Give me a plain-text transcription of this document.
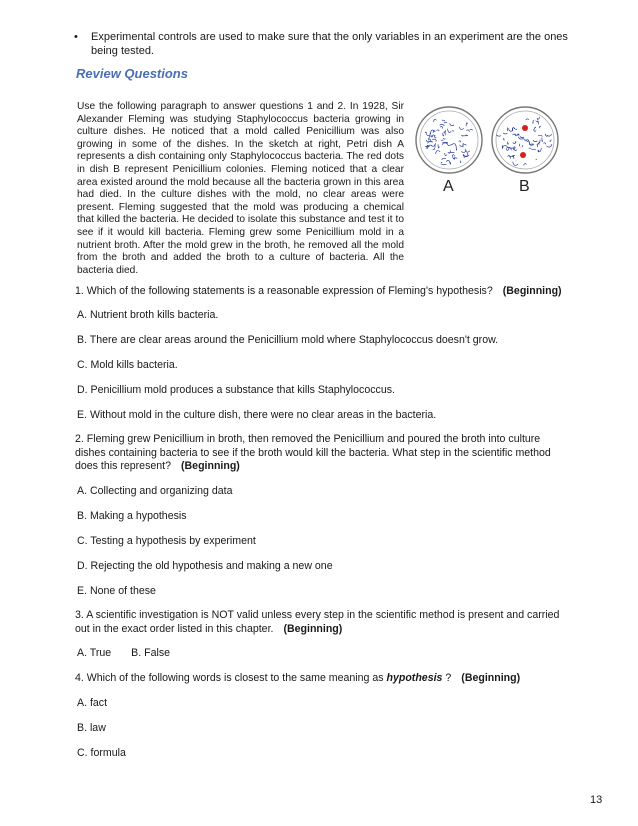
• Experimental controls are used to make sure that the only variables in an experiment are the ones being tested.
Review Questions
Use the following paragraph to answer questions 1 and 2. In 1928, Sir Alexander Fleming was studying Staphylococcus bacteria growing in culture dishes. He noticed that a mold called Penicillium was also growing in some of the dishes. In the sketch at right, Petri dish A represents a dish containing only Staphylococcus bacteria. The red dots in dish B represent Penicillium colonies. Fleming noticed that a clear area existed around the mold because all the bacteria grown in this area had died. In the culture dishes with the mold, no clear areas were present. Fleming suggested that the mold was producing a chemical that killed the bacteria. He decided to isolate this substance and test it to see if it would kill bacteria. Fleming grew some Penicillium mold in a nutrient broth. After the mold grew in the broth, he removed all the mold from the broth and added the broth to a culture of bacteria. All the bacteria died.
A	B
1. Which of the following statements is a reasonable expression of Fleming's hypothesis? (Beginning)
A. Nutrient broth kills bacteria.
B. There are clear areas around the Penicillium mold where Staphylococcus doesn't grow.
C. Mold kills bacteria.
D. Penicillium mold produces a substance that kills Staphylococcus.
E. Without mold in the culture dish, there were no clear areas in the bacteria.
2. Fleming grew Penicillium in broth, then removed the Penicillium and poured the broth into culture dishes containing bacteria to see if the broth would kill the bacteria. What step in the scientific method does this represent? (Beginning)
A. Collecting and organizing data
B. Making a hypothesis
C. Testing a hypothesis by experiment
D. Rejecting the old hypothesis and making a new one
E. None of these
3. A scientific investigation is NOT valid unless every step in the scientific method is present and carried out in the exact order listed in this chapter. (Beginning)
A. True B. False
4. Which of the following words is closest to the same meaning as hypothesis ? (Beginning)
A. fact
B. law
C. formula
13
